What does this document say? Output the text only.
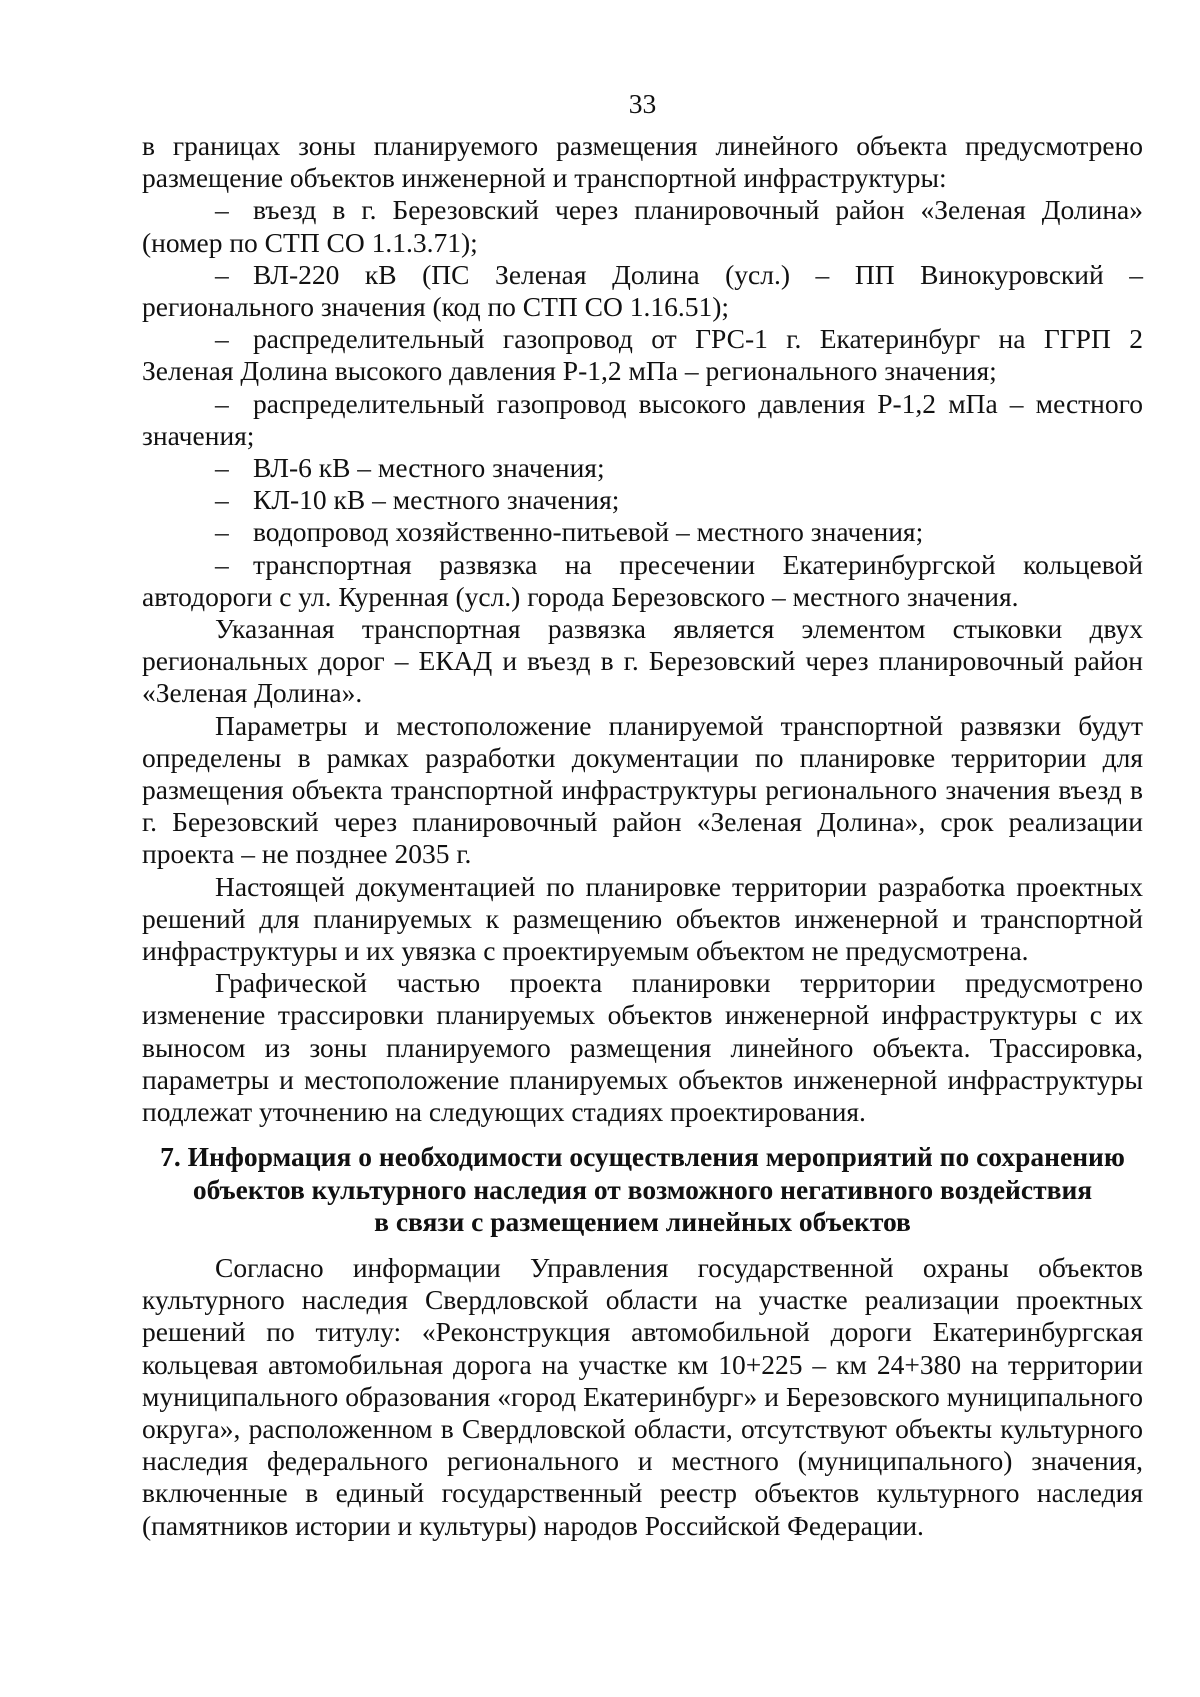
33

в границах зоны планируемого размещения линейного объекта предусмотрено размещение объектов инженерной и транспортной инфраструктуры:

– въезд в г. Березовский через планировочный район «Зеленая Долина» (номер по СТП СО 1.1.3.71);

– ВЛ-220 кВ (ПС Зеленая Долина (усл.) – ПП Винокуровский – регионального значения (код по СТП СО 1.16.51);

– распределительный газопровод от ГРС-1 г. Екатеринбург на ГГРП 2 Зеленая Долина высокого давления Р-1,2 мПа – регионального значения;

– распределительный газопровод высокого давления Р-1,2 мПа – местного значения;

– ВЛ-6 кВ – местного значения;

– КЛ-10 кВ – местного значения;

– водопровод хозяйственно-питьевой – местного значения;

– транспортная развязка на пресечении Екатеринбургской кольцевой автодороги с ул. Куренная (усл.) города Березовского – местного значения.

Указанная транспортная развязка является элементом стыковки двух региональных дорог – ЕКАД и въезд в г. Березовский через планировочный район «Зеленая Долина».

Параметры и местоположение планируемой транспортной развязки будут определены в рамках разработки документации по планировке территории для размещения объекта транспортной инфраструктуры регионального значения въезд в г. Березовский через планировочный район «Зеленая Долина», срок реализации проекта – не позднее 2035 г.

Настоящей документацией по планировке территории разработка проектных решений для планируемых к размещению объектов инженерной и транспортной инфраструктуры и их увязка с проектируемым объектом не предусмотрена.

Графической частью проекта планировки территории предусмотрено изменение трассировки планируемых объектов инженерной инфраструктуры с их выносом из зоны планируемого размещения линейного объекта. Трассировка, параметры и местоположение планируемых объектов инженерной инфраструктуры подлежат уточнению на следующих стадиях проектирования.

7. Информация о необходимости осуществления мероприятий по сохранению
объектов культурного наследия от возможного негативного воздействия
в связи с размещением линейных объектов

Согласно информации Управления государственной охраны объектов культурного наследия Свердловской области на участке реализации проектных решений по титулу: «Реконструкция автомобильной дороги Екатеринбургская кольцевая автомобильная дорога на участке км 10+225 – км 24+380 на территории муниципального образования «город Екатеринбург» и Березовского муниципального округа», расположенном в Свердловской области, отсутствуют объекты культурного наследия федерального регионального и местного (муниципального) значения, включенные в единый государственный реестр объектов культурного наследия (памятников истории и культуры) народов Российской Федерации.
